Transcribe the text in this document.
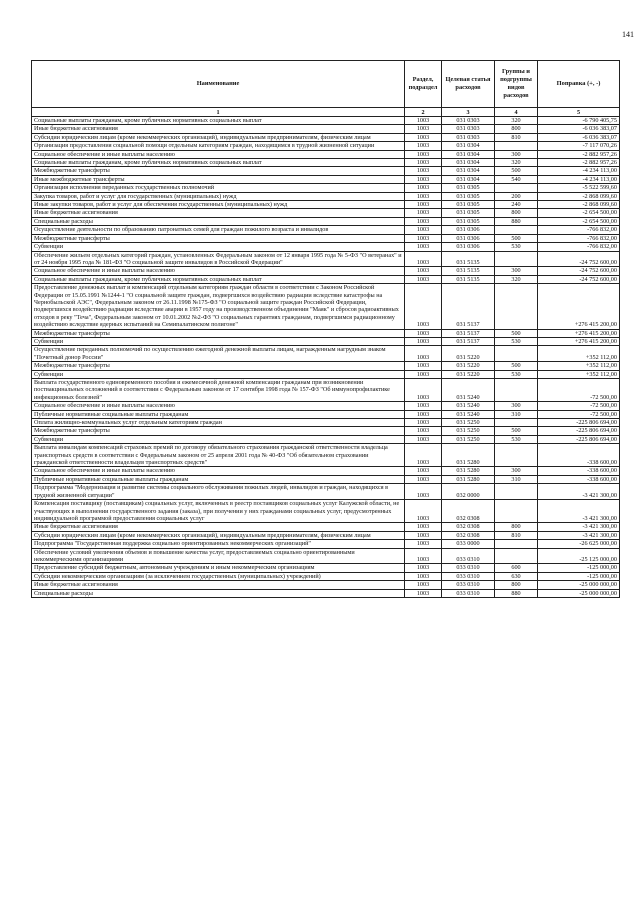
141
Наименование	Раздел, подраздел	Целевая статья расходов	Группы и подгруппы видов расходов	Поправка (+, -)
1	2	3	4	5
Социальные выплаты гражданам, кроме публичных нормативных социальных выплат	1003	031 0303	320	-6 790 405,75
Иные бюджетные ассигнования	1003	031 0303	800	-6 036 383,07
Субсидии юридическим лицам (кроме некоммерческих организаций), индивидуальным предпринимателям, физическим лицам	1003	031 0303	810	-6 036 383,07
Организация предоставления социальной помощи отдельным категориям граждан, находящимся в трудной жизненной ситуации	1003	031 0304		-7 117 070,26
Социальное обеспечение и иные выплаты населению	1003	031 0304	300	-2 882 957,26
Социальные выплаты гражданам, кроме публичных нормативных социальных выплат	1003	031 0304	320	-2 882 957,26
Межбюджетные трансферты	1003	031 0304	500	-4 234 113,00
Иные межбюджетные трансферты	1003	031 0304	540	-4 234 113,00
Организация исполнения переданных государственных полномочий	1003	031 0305		-5 522 599,60
Закупка товаров, работ и услуг для государственных (муниципальных) нужд	1003	031 0305	200	-2 868 099,60
Иные закупки товаров, работ и услуг для обеспечения государственных (муниципальных) нужд	1003	031 0305	240	-2 868 099,60
Иные бюджетные ассигнования	1003	031 0305	800	-2 654 500,00
Специальные расходы	1003	031 0305	880	-2 654 500,00
Осуществление деятельности по образованию патронатных семей для граждан пожилого возраста и инвалидов	1003	031 0306		-766 832,00
Межбюджетные трансферты	1003	031 0306	500	-766 832,00
Субвенции	1003	031 0306	530	-766 832,00
Обеспечение жильем отдельных категорий граждан, установленных Федеральным законом от 12 января 1995 года № 5-ФЗ "О ветеранах" и от 24 ноября 1995 года № 181-ФЗ "О социальной защите инвалидов в Российской Федерации"	1003	031 5135		-24 752 600,00
Социальное обеспечение и иные выплаты населению	1003	031 5135	300	-24 752 600,00
Социальные выплаты гражданам, кроме публичных нормативных социальных выплат	1003	031 5135	320	-24 752 600,00
Предоставление денежных выплат и компенсаций отдельным категориям граждан области в соответствии с Законом Российской Федерации от 15.05.1991 №1244-1 "О социальной защите граждан, подвергшихся воздействию радиации вследствие катастрофы на Чернобыльской АЭС", Федеральным законом от 26.11.1998 №175-ФЗ "О социальной защите граждан Российской Федерации, подвергшихся воздействию радиации вследствие аварии в 1957 году на производственном объединении "Маяк" и сбросов радиоактивных отходов в реку "Теча", Федеральным законом от 10.01.2002 №2-ФЗ "О социальных гарантиях гражданам, подвергшимся радиационному воздействию вследствие ядерных испытаний на Семипалатинском полигоне"	1003	031 5137		+276 415 200,00
Межбюджетные трансферты	1003	031 5137	500	+276 415 200,00
Субвенции	1003	031 5137	530	+276 415 200,00
Осуществление переданных полномочий по осуществлению ежегодной денежной выплаты лицам, награжденным нагрудным знаком "Почетный донор России"	1003	031 5220		+352 112,00
Межбюджетные трансферты	1003	031 5220	500	+352 112,00
Субвенции	1003	031 5220	530	+352 112,00
Выплата государственного единовременного пособия и ежемесячной денежной компенсации гражданам при возникновении поствакцинальных осложнений в соответствии с Федеральным законом от 17 сентября 1998 года № 157-ФЗ "Об иммунопрофилактике инфекционных болезней"	1003	031 5240		-72 500,00
Социальное обеспечение и иные выплаты населению	1003	031 5240	300	-72 500,00
Публичные нормативные социальные выплаты гражданам	1003	031 5240	310	-72 500,00
Оплата жилищно-коммунальных услуг отдельным категориям граждан	1003	031 5250		-225 806 694,00
Межбюджетные трансферты	1003	031 5250	500	-225 806 694,00
Субвенции	1003	031 5250	530	-225 806 694,00
Выплата инвалидам компенсаций страховых премий по договору обязательного страхования гражданской ответственности владельца транспортных средств в соответствии с Федеральным законом от 25 апреля 2001 года № 40-ФЗ "Об обязательном страховании гражданской ответственности владельцев транспортных средств"	1003	031 5280		-338 600,00
Социальное обеспечение и иные выплаты населению	1003	031 5280	300	-338 600,00
Публичные нормативные социальные выплаты гражданам	1003	031 5280	310	-338 600,00
Подпрограмма "Модернизация и развитие системы социального обслуживания пожилых людей, инвалидов и граждан, находящихся в трудной жизненной ситуации"	1003	032 0000		-3 421 300,00
Компенсация поставщику (поставщикам) социальных услуг, включенных в реестр поставщиков социальных услуг Калужской области, не участвующих в выполнении государственного задания (заказа), при получении у них гражданами социальных услуг, предусмотренных индивидуальной программой предоставления социальных услуг	1003	032 0308		-3 421 300,00
Иные бюджетные ассигнования	1003	032 0308	800	-3 421 300,00
Субсидии юридическим лицам (кроме некоммерческих организаций), индивидуальным предпринимателям, физическим лицам	1003	032 0308	810	-3 421 300,00
Подпрограмма "Государственная поддержка социально ориентированных некоммерческих организаций"	1003	033 0000		-26 625 000,00
Обеспечение условий увеличения объемов и повышение качества услуг, предоставляемых социально ориентированными некоммерческими организациями	1003	033 0310		-25 125 000,00
Предоставление субсидий бюджетным, автономным учреждениям и иным некоммерческим организациям	1003	033 0310	600	-125 000,00
Субсидии некоммерческим организациям (за исключением государственных (муниципальных) учреждений)	1003	033 0310	630	-125 000,00
Иные бюджетные ассигнования	1003	033 0310	800	-25 000 000,00
Специальные расходы	1003	033 0310	880	-25 000 000,00
